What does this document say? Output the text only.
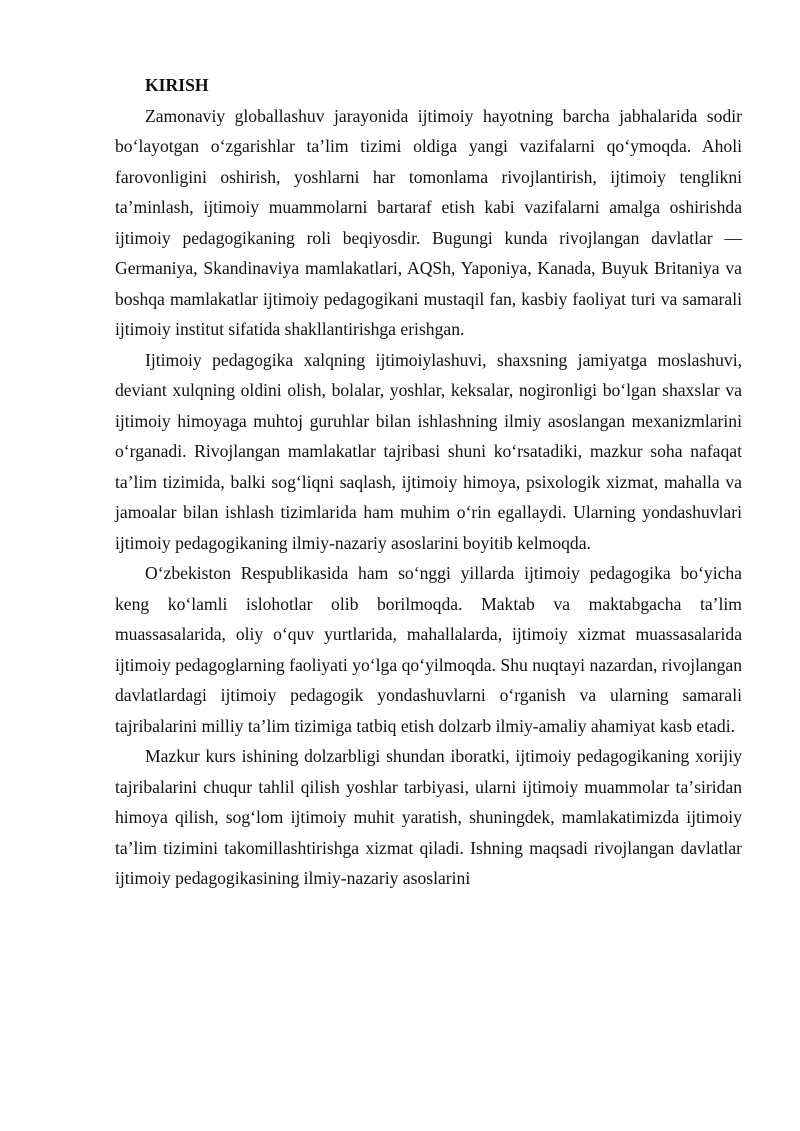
KIRISH

Zamonaviy globallashuv jarayonida ijtimoiy hayotning barcha jabhalarida sodir boʻlayotgan oʻzgarishlar taʼlim tizimi oldiga yangi vazifalarni qoʻymoqda. Aholi farovonligini oshirish, yoshlarni har tomonlama rivojlantirish, ijtimoiy tenglikni taʼminlash, ijtimoiy muammolarni bartaraf etish kabi vazifalarni amalga oshirishda ijtimoiy pedagogikaning roli beqiyosdir. Bugungi kunda rivojlangan davlatlar — Germaniya, Skandinaviya mamlakatlari, AQSh, Yaponiya, Kanada, Buyuk Britaniya va boshqa mamlakatlar ijtimoiy pedagogikani mustaqil fan, kasbiy faoliyat turi va samarali ijtimoiy institut sifatida shakllantirishga erishgan.

Ijtimoiy pedagogika xalqning ijtimoiylashuvi, shaxsning jamiyatga moslashuvi, deviant xulqning oldini olish, bolalar, yoshlar, keksalar, nogironligi boʻlgan shaxslar va ijtimoiy himoyaga muhtoj guruhlar bilan ishlashning ilmiy asoslangan mexanizmlarini oʻrganadi. Rivojlangan mamlakatlar tajribasi shuni koʻrsatadiki, mazkur soha nafaqat taʼlim tizimida, balki sogʻliqni saqlash, ijtimoiy himoya, psixologik xizmat, mahalla va jamoalar bilan ishlash tizimlarida ham muhim oʻrin egallaydi. Ularning yondashuvlari ijtimoiy pedagogikaning ilmiy-nazariy asoslarini boyitib kelmoqda.

Oʻzbekiston Respublikasida ham soʻnggi yillarda ijtimoiy pedagogika boʻyicha keng koʻlamli islohotlar olib borilmoqda. Maktab va maktabgacha taʼlim muassasalarida, oliy oʻquv yurtlarida, mahallalarda, ijtimoiy xizmat muassasalarida ijtimoiy pedagoglarning faoliyati yoʻlga qoʻyilmoqda. Shu nuqtayi nazardan, rivojlangan davlatlardagi ijtimoiy pedagogik yondashuvlarni oʻrganish va ularning samarali tajribalarini milliy taʼlim tizimiga tatbiq etish dolzarb ilmiy-amaliy ahamiyat kasb etadi.

Mazkur kurs ishining dolzarbligi shundan iboratki, ijtimoiy pedagogikaning xorijiy tajribalarini chuqur tahlil qilish yoshlar tarbiyasi, ularni ijtimoiy muammolar taʼsiridan himoya qilish, sogʻlom ijtimoiy muhit yaratish, shuningdek, mamlakatimizda ijtimoiy taʼlim tizimini takomillashtirishga xizmat qiladi. Ishning maqsadi rivojlangan davlatlar ijtimoiy pedagogikasining ilmiy-nazariy asoslarini
